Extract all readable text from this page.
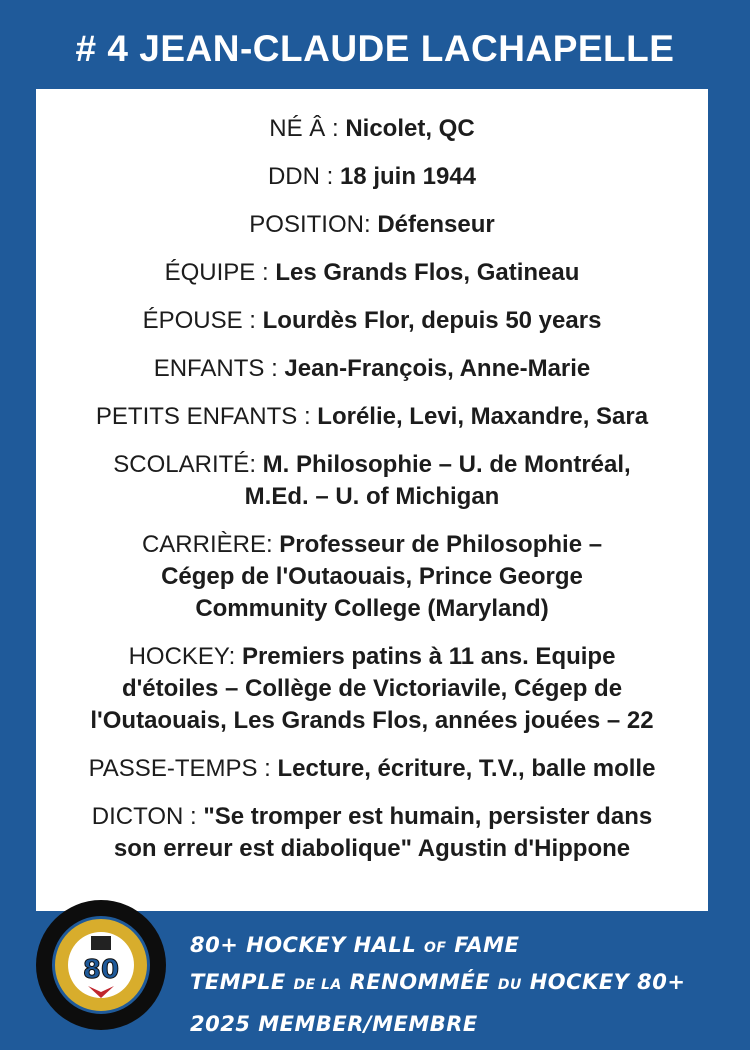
# 4 JEAN-CLAUDE LACHAPELLE
NÉ Â : Nicolet, QC
DDN : 18 juin 1944
POSITION: Défenseur
ÉQUIPE : Les Grands Flos, Gatineau
ÉPOUSE : Lourdès Flor, depuis 50 years
ENFANTS : Jean-François, Anne-Marie
PETITS ENFANTS : Lorélie, Levi, Maxandre, Sara
SCOLARITÉ: M. Philosophie – U. de Montréal,
M.Ed. – U. of Michigan
CARRIÈRE: Professeur de Philosophie –
Cégep de l'Outaouais, Prince George
Community College (Maryland)
HOCKEY: Premiers patins à 11 ans. Equipe
d'étoiles – Collège de Victoriavile, Cégep de
l'Outaouais, Les Grands Flos, années jouées – 22
PASSE-TEMPS : Lecture, écriture, T.V., balle molle
DICTON : "Se tromper est humain, persister dans
son erreur est diabolique" Agustin d'Hippone
80
80+ HOCKEY HALL OF FAME
TEMPLE DE LA RENOMMÉE DU HOCKEY 80+
2025 MEMBER/MEMBRE
